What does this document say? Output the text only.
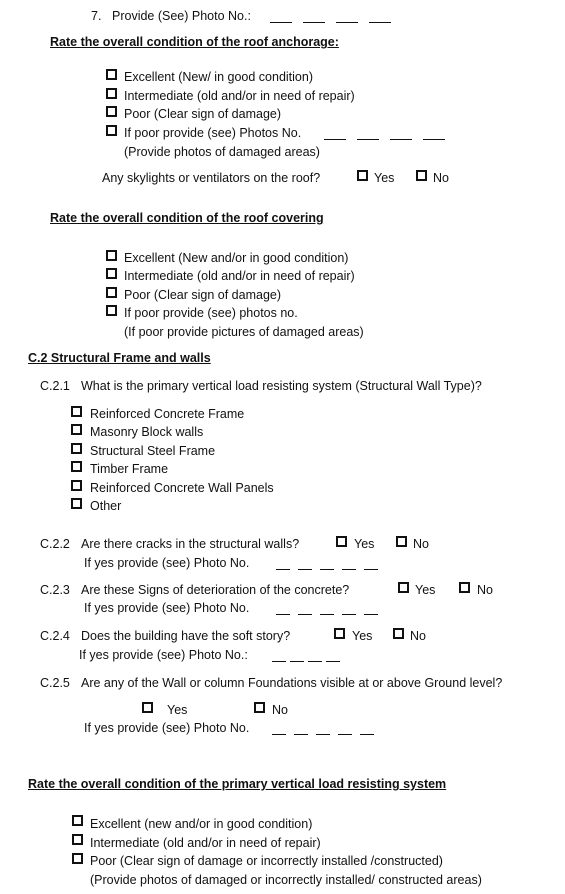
7. Provide (See) Photo No.:
Rate the overall condition of the roof anchorage:
Excellent (New/ in good condition)
Intermediate (old and/or in need of repair)
Poor (Clear sign of damage)
If poor provide (see) Photos No.
(Provide photos of damaged areas)
Any skylights or ventilators on the roof?	Yes	No
Rate the overall condition of the roof covering
Excellent (New and/or in good condition)
Intermediate (old and/or in need of repair)
Poor (Clear sign of damage)
If poor provide (see) photos no.
(If poor provide pictures of damaged areas)
C.2 Structural Frame and walls
C.2.1 What is the primary vertical load resisting system (Structural Wall Type)?
Reinforced Concrete Frame
Masonry Block walls
Structural Steel Frame
Timber Frame
Reinforced Concrete Wall Panels
Other
C.2.2 Are there cracks in the structural walls?	Yes	No
If yes provide (see) Photo No.
C.2.3 Are these Signs of deterioration of the concrete?	Yes	No
If yes provide (see) Photo No.
C.2.4 Does the building have the soft story?	Yes	No
If yes provide (see) Photo No.:
C.2.5 Are any of the Wall or column Foundations visible at or above Ground level?
Yes	No
If yes provide (see) Photo No.
Rate the overall condition of the primary vertical load resisting system
Excellent (new and/or in good condition)
Intermediate (old and/or in need of repair)
Poor (Clear sign of damage or incorrectly installed /constructed)
(Provide photos of damaged or incorrectly installed/ constructed areas)
